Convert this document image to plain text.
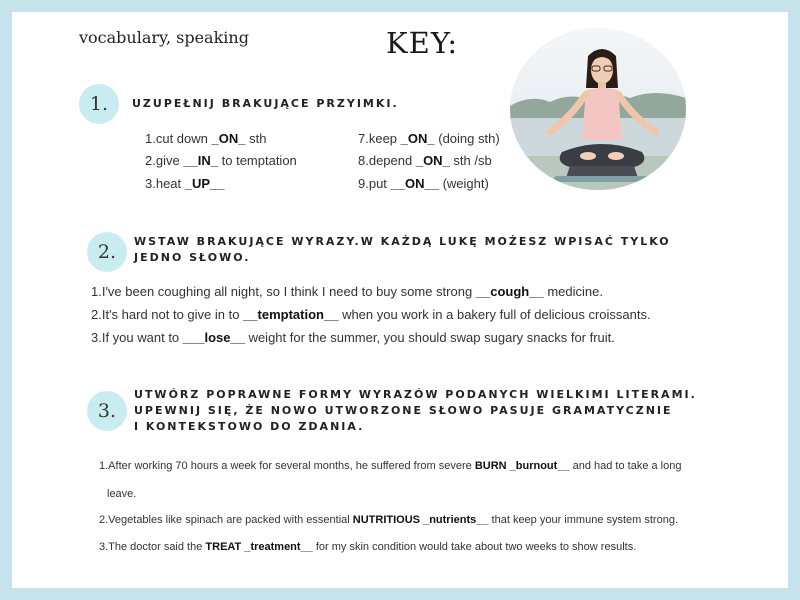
vocabulary, speaking	KEY:
1.	UZUPEŁNIJ BRAKUJĄCE PRZYIMKI.
1.cut down _ON_ sth
2.give __IN_ to temptation
3.heat _UP__
7.keep _ON_ (doing sth)
8.depend _ON_ sth /sb
9.put __ON__ (weight)
2.	WSTAW BRAKUJĄCE WYRAZY.W KAŻDĄ LUKĘ MOŻESZ WPISAĆ TYLKO
JEDNO SŁOWO.
1.I've been coughing all night, so I think I need to buy some strong __cough__ medicine.
2.It's hard not to give in to __temptation__ when you work in a bakery full of delicious croissants.
3.If you want to ___lose__ weight for the summer, you should swap sugary snacks for fruit.
3.
UTWÓRZ POPRAWNE FORMY WYRAZÓW PODANYCH WIELKIMI LITERAMI.
UPEWNIJ SIĘ, ŻE NOWO UTWORZONE SŁOWO PASUJE GRAMATYCZNIE
I KONTEKSTOWO DO ZDANIA.
1.After working 70 hours a week for several months, he suffered from severe BURN _burnout__ and had to take a long
leave.
2.Vegetables like spinach are packed with essential NUTRITIOUS _nutrients__ that keep your immune system strong.
3.The doctor said the TREAT _treatment__ for my skin condition would take about two weeks to show results.
